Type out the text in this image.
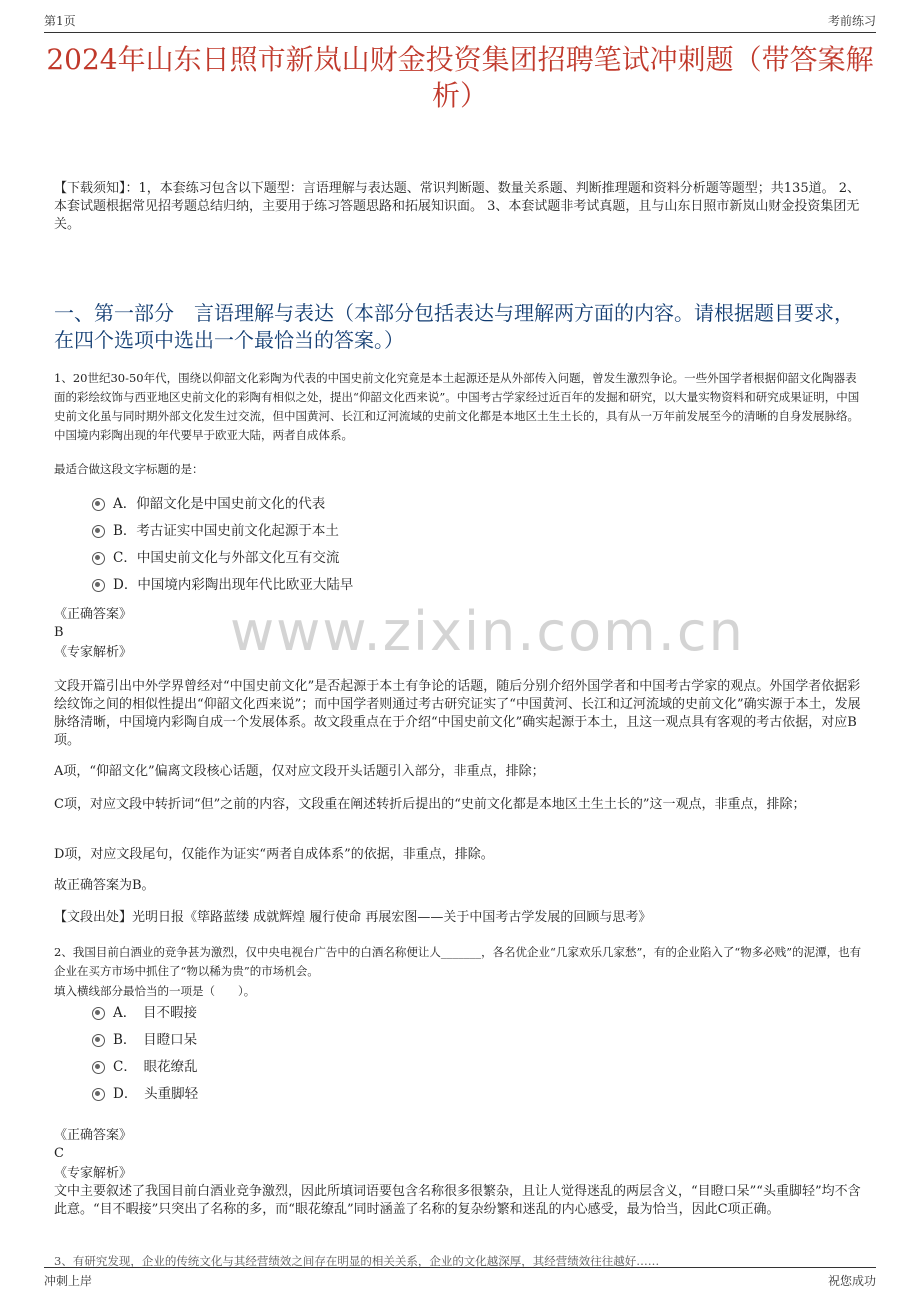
第1页	考前练习
2024年山东日照市新岚山财金投资集团招聘笔试冲刺题（带答案解析）
【下载须知】：1，本套练习包含以下题型：言语理解与表达题、常识判断题、数量关系题、判断推理题和资料分析题等题型；共135道。 2、本套试题根据常见招考题总结归纳，主要用于练习答题思路和拓展知识面。 3、本套试题非考试真题，且与山东日照市新岚山财金投资集团无关。
一、第一部分　言语理解与表达（本部分包括表达与理解两方面的内容。请根据题目要求，在四个选项中选出一个最恰当的答案。）
www.zixin.com.cn
1、20世纪30-50年代，围绕以仰韶文化彩陶为代表的中国史前文化究竟是本土起源还是从外部传入问题，曾发生激烈争论。一些外国学者根据仰韶文化陶器表面的彩绘纹饰与西亚地区史前文化的彩陶有相似之处，提出“仰韶文化西来说”。中国考古学家经过近百年的发掘和研究，以大量实物资料和研究成果证明，中国史前文化虽与同时期外部文化发生过交流，但中国黄河、长江和辽河流域的史前文化都是本地区土生土长的，具有从一万年前发展至今的清晰的自身发展脉络。中国境内彩陶出现的年代要早于欧亚大陆，两者自成体系。
最适合做这段文字标题的是：
A．仰韶文化是中国史前文化的代表
B．考古证实中国史前文化起源于本土
C．中国史前文化与外部文化互有交流
D．中国境内彩陶出现年代比欧亚大陆早
《正确答案》
B
《专家解析》
文段开篇引出中外学界曾经对“中国史前文化”是否起源于本土有争论的话题，随后分别介绍外国学者和中国考古学家的观点。外国学者依据彩绘纹饰之间的相似性提出“仰韶文化西来说”；而中国学者则通过考古研究证实了“中国黄河、长江和辽河流域的史前文化”确实源于本土，发展脉络清晰，中国境内彩陶自成一个发展体系。故文段重点在于介绍“中国史前文化”确实起源于本土，且这一观点具有客观的考古依据，对应B项。
A项，“仰韶文化”偏离文段核心话题，仅对应文段开头话题引入部分，非重点，排除；
C项，对应文段中转折词“但”之前的内容，文段重在阐述转折后提出的“史前文化都是本地区土生土长的”这一观点，非重点，排除；
D项，对应文段尾句，仅能作为证实“两者自成体系”的依据，非重点，排除。
故正确答案为B。
【文段出处】光明日报《筚路蓝缕 成就辉煌 履行使命 再展宏图——关于中国考古学发展的回顾与思考》
2、我国目前白酒业的竞争甚为激烈，仅中央电视台广告中的白酒名称便让人_______，各名优企业“几家欢乐几家愁”，有的企业陷入了“物多必贱”的泥潭，也有企业在买方市场中抓住了“物以稀为贵”的市场机会。
填入横线部分最恰当的一项是（　　）。
A．　目不暇接
B．　目瞪口呆
C．　眼花缭乱
D．　头重脚轻
《正确答案》
C
《专家解析》
文中主要叙述了我国目前白酒业竞争激烈，因此所填词语要包含名称很多很繁杂，且让人觉得迷乱的两层含义，“目瞪口呆”“头重脚轻”均不含此意。“目不暇接”只突出了名称的多，而“眼花缭乱”同时涵盖了名称的复杂纷繁和迷乱的内心感受，最为恰当，因此C项正确。
3、有研究发现，企业的传统文化与其经营绩效之间存在明显的相关关系，企业的文化越深厚，其经营绩效往往越好……
冲刺上岸	祝您成功
